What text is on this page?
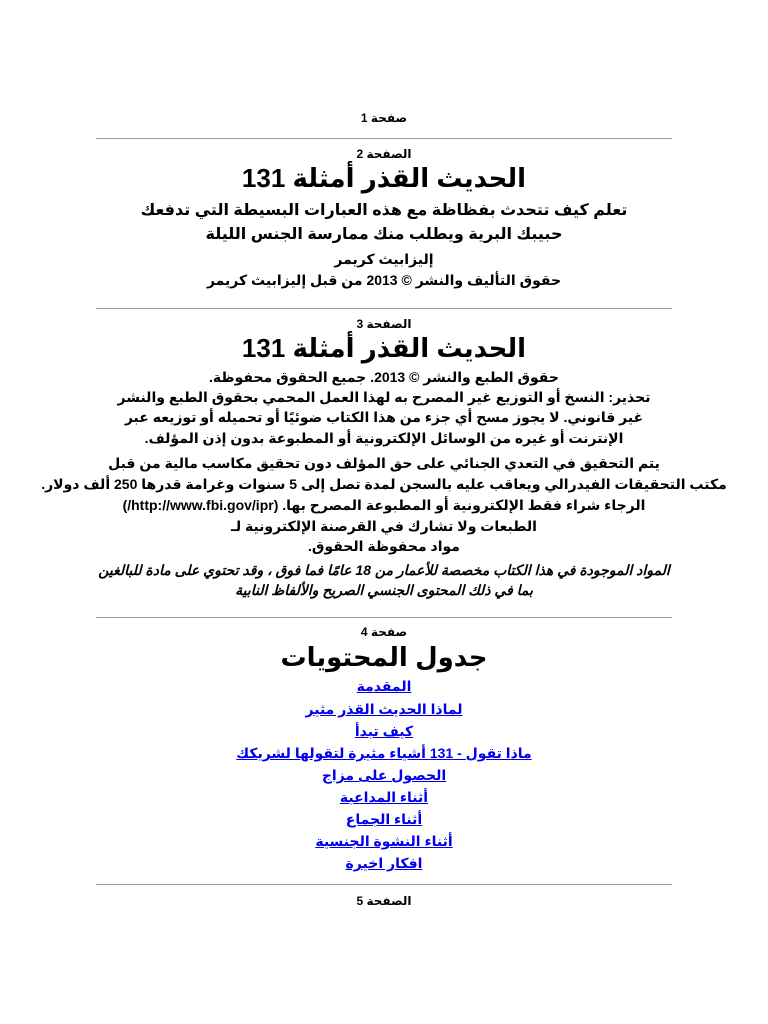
صفحة 1
الصفحة 2
الحديث القذر أمثلة 131
تعلم كيف تتحدث بفظاظة مع هذه العبارات البسيطة التي تدفعك
حبيبك البرية ويطلب منك ممارسة الجنس الليلة
إليزابيث كريمر
حقوق التأليف والنشر © 2013 من قبل إليزابيث كريمر
الصفحة 3
الحديث القذر أمثلة 131
حقوق الطبع والنشر © 2013. جميع الحقوق محفوظة.
تحذير: النسخ أو التوزيع غير المصرح به لهذا العمل المحمي بحقوق الطبع والنشر
غير قانوني. لا يجوز مسح أي جزء من هذا الكتاب ضوئيًا أو تحميله أو توزيعه عبر
الإنترنت أو غيره من الوسائل الإلكترونية أو المطبوعة بدون إذن المؤلف.
يتم التحقيق في التعدي الجنائي على حق المؤلف دون تحقيق مكاسب مالية من قبل
مكتب التحقيقات الفيدرالي ويعاقب عليه بالسجن لمدة تصل إلى 5 سنوات وغرامة قدرها 250 ألف دولار.
الرجاء شراء فقط الإلكترونية أو المطبوعة المصرح بها. (http://www.fbi.gov/ipr/)
الطبعات ولا تشارك في القرصنة الإلكترونية لـ
مواد محفوظة الحقوق.
المواد الموجودة في هذا الكتاب مخصصة للأعمار من 18 عامًا فما فوق ، وقد تحتوي على مادة للبالغين
بما في ذلك المحتوى الجنسي الصريح والألفاظ النابية
صفحة 4
جدول المحتويات
المقدمة
لماذا الحديث القذر مثير
كيف تبدأ
ماذا تقول - 131 أشياء مثيرة لتقولها لشريكك
الحصول على مزاج
أثناء المداعبة
أثناء الجماع
أثناء النشوة الجنسية
افكار اخيرة
الصفحة 5
